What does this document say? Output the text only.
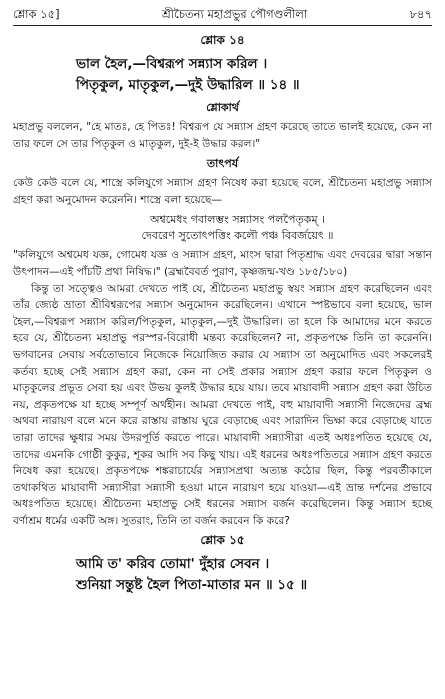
শ্লোক ১৫]	শ্রীচৈতন্য মহাপ্রভুর পৌগণ্ডলীলা	৮৪৭
শ্লোক ১৪
ভাল হৈল,—বিশ্বরূপ সন্ন্যাস করিল ।
পিতৃকুল, মাতৃকুল,—দুই উদ্ধারিল ॥ ১৪ ॥
শ্লোকার্থ
মহাপ্রভু বললেন, "হে মাতঃ, হে পিতঃ! বিশ্বরূপ যে সন্ন্যাস গ্রহণ করেছে তাতে ভালই হয়েছে, কেন না তার ফলে সে তার পিতৃকুল ও মাতৃকুল, দুই-ই উদ্ধার করল।"
তাৎপর্য
কেউ কেউ বলে যে, শাস্ত্রে কলিযুগে সন্ন্যাস গ্রহণ নিষেধ করা হয়েছে বলে, শ্রীচৈতন্য মহাপ্রভু সন্ন্যাস গ্রহণ করা অনুমোদন করেননি। শাস্ত্রে বলা হয়েছে—
অশ্বমেধং গবালম্ভং সন্ন্যাসং পলপৈতৃকম্ ।
দেবরেণ সুতোৎপত্তিং কলৌ পঞ্চ বিবর্জয়েৎ ॥
"কলিযুগে অশ্বমেধ যজ্ঞ, গোমেধ যজ্ঞ ও সন্ন্যাস গ্রহণ, মাংস দ্বারা পিতৃশ্রাদ্ধ এবং দেবরের দ্বারা সন্তান উৎপাদন—এই পাঁচটি প্রথা নিষিদ্ধ।" (ব্রহ্মবৈবর্ত পুরাণ, কৃষ্ণজন্ম-খণ্ড ১৮৫/১৮০)
কিন্তু তা সত্ত্বেও আমরা দেখতে পাই যে, শ্রীচৈতন্য মহাপ্রভু স্বয়ং সন্ন্যাস গ্রহণ করেছিলেন এবং তাঁর জ্যেষ্ঠ ভ্রাতা শ্রীবিশ্বরূপের সন্ন্যাস অনুমোদন করেছিলেন। এখানে স্পষ্টভাবে বলা হয়েছে, ভাল হৈল,—বিশ্বরূপ সন্ন্যাস করিল/পিতৃকুল, মাতৃকুল,—দুই উদ্ধারিল। তা হলে কি আমাদের মনে করতে হবে যে, শ্রীচৈতন্য মহাপ্রভু পরস্পর-বিরোধী মন্তব্য করেছিলেন? না, প্রকৃতপক্ষে তিনি তা করেননি। ভগবানের সেবায় সর্বতোভাবে নিজেকে নিয়োজিত করার যে সন্ন্যাস তা অনুমোদিত এবং সকলেরই কর্তব্য হচ্ছে সেই সন্ন্যাস গ্রহণ করা, কেন না সেই প্রকার সন্ন্যাস গ্রহণ করার ফলে পিতৃকুল ও মাতৃকুলের প্রভূত সেবা হয় এবং উভয় কুলই উদ্ধার হয়ে যায়। তবে মায়াবাদী সন্ন্যাস গ্রহণ করা উচিত নয়, প্রকৃতপক্ষে যা হচ্ছে সম্পূর্ণ অর্থহীন। আমরা দেখতে পাই, বহু মায়াবাদী সন্ন্যাসী নিজেদের ব্রহ্ম অথবা নারায়ণ বলে মনে করে রাস্তায় রাস্তায় ঘুরে বেড়াচ্ছে এবং সারাদিন ভিক্ষা করে বেড়াচ্ছে যাতে তারা তাদের ক্ষুধার সময় উদরপূর্তি করতে পারে। মায়াবাদী সন্ন্যাসীরা এতই অধঃপতিত হয়েছে যে, তাদের এমনকি গোষ্ঠী কুকুর, শূকর আদি সব কিছু খায়। এই ধরনের অধঃপতিতরে সন্ন্যাস গ্রহণ করতে নিষেধ করা হয়েছে। প্রকৃতপক্ষে শঙ্করাচার্যের সন্ন্যাসপ্রথা অত্যন্ত কঠোর ছিল, কিন্তু পরবর্তীকালে তথাকথিত মায়াবাদী সন্ন্যাসীরা সন্ন্যাসী হওয়া মানে নারায়ণ হয়ে যাওয়া—এই ভ্রান্ত দর্শনের প্রভাবে অধঃপতিত হয়েছে। শ্রীচৈতন্য মহাপ্রভু সেই ধরনের সন্ন্যাস বর্জন করেছিলেন। কিন্তু সন্ন্যাস হচ্ছে বর্ণাশ্রম ধর্মের একটি অঙ্গ। সুতরাং, তিনি তা বর্জন করবেন কি করে?
শ্লোক ১৫
আমি ত' করিব তোমা' দুঁহার সেবন ।
শুনিয়া সন্তুষ্ট হৈল পিতা-মাতার মন ॥ ১৫ ॥
